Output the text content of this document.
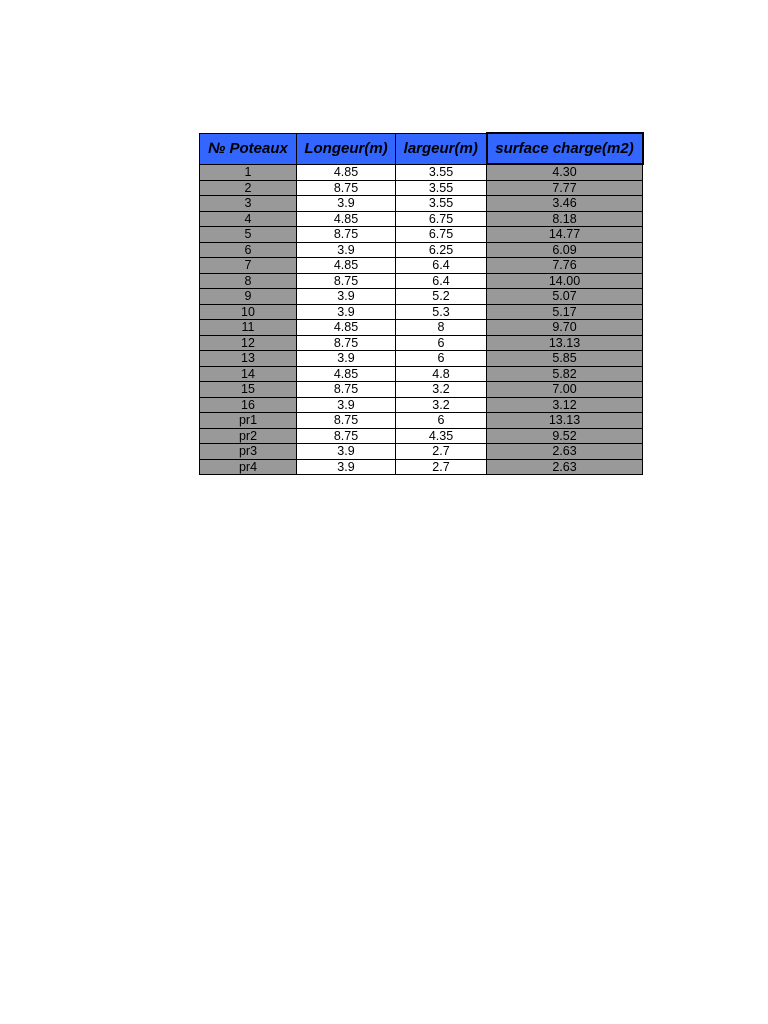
№ Poteaux	Longeur(m)	largeur(m)	surface charge(m2)
1	4.85	3.55	4.30
2	8.75	3.55	7.77
3	3.9	3.55	3.46
4	4.85	6.75	8.18
5	8.75	6.75	14.77
6	3.9	6.25	6.09
7	4.85	6.4	7.76
8	8.75	6.4	14.00
9	3.9	5.2	5.07
10	3.9	5.3	5.17
11	4.85	8	9.70
12	8.75	6	13.13
13	3.9	6	5.85
14	4.85	4.8	5.82
15	8.75	3.2	7.00
16	3.9	3.2	3.12
pr1	8.75	6	13.13
pr2	8.75	4.35	9.52
pr3	3.9	2.7	2.63
pr4	3.9	2.7	2.63
